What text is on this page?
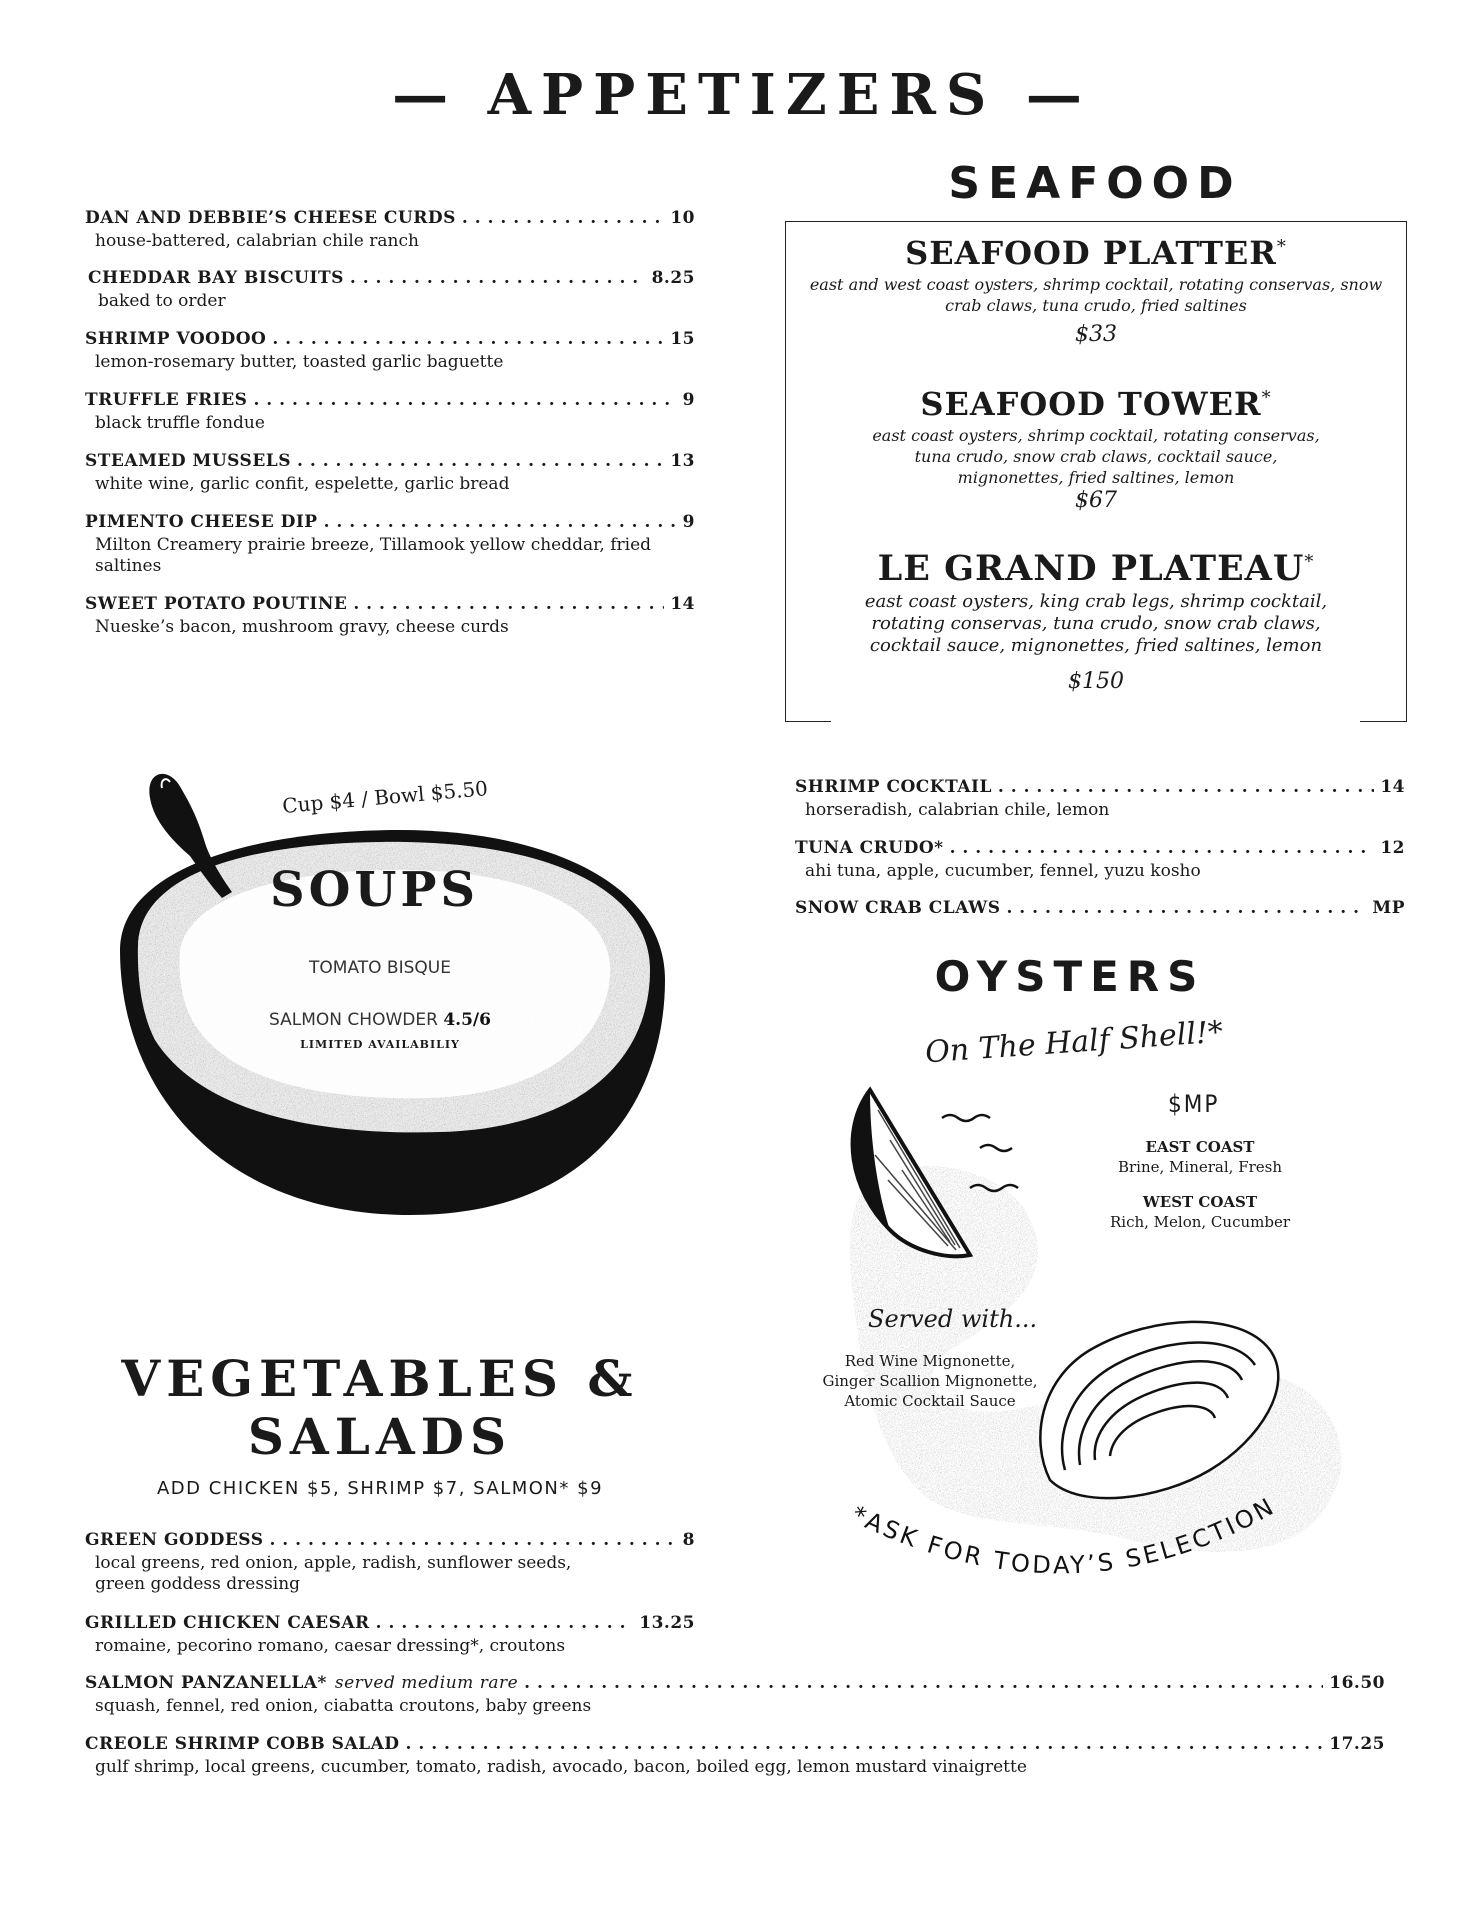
— APPETIZERS —
DAN AND DEBBIE’S CHEESE CURDS . . .	10
house-battered, calabrian chile ranch
CHEDDAR BAY BISCUITS . . .	8.25
baked to order
SHRIMP VOODOO . . .	15
lemon-rosemary butter, toasted garlic baguette
TRUFFLE FRIES . . .	9
black truffle fondue
STEAMED MUSSELS . . .	13
white wine, garlic confit, espelette, garlic bread
PIMENTO CHEESE DIP . . .	9
Milton Creamery prairie breeze, Tillamook yellow cheddar, fried saltines
SWEET POTATO POUTINE . . .	14
Nueske’s bacon, mushroom gravy, cheese curds
SEAFOOD
SEAFOOD PLATTER*
east and west coast oysters, shrimp cocktail, rotating conservas, snow crab claws, tuna crudo, fried saltines
$33
SEAFOOD TOWER*
east coast oysters, shrimp cocktail, rotating conservas, tuna crudo, snow crab claws, cocktail sauce, mignonettes, fried saltines, lemon
$67
LE GRAND PLATEAU*
east coast oysters, king crab legs, shrimp cocktail, rotating conservas, tuna crudo, snow crab claws, cocktail sauce, mignonettes, fried saltines, lemon
$150
SHRIMP COCKTAIL . . .	14
horseradish, calabrian chile, lemon
TUNA CRUDO* . . .	12
ahi tuna, apple, cucumber, fennel, yuzu kosho
SNOW CRAB CLAWS . . .	MP
Cup $4 / Bowl $5.50
SOUPS
TOMATO BISQUE
SALMON CHOWDER 4.5/6
LIMITED AVAILABILIY
OYSTERS
On The Half Shell!*
$MP
EAST COAST
Brine, Mineral, Fresh
WEST COAST
Rich, Melon, Cucumber
Served with...
Red Wine Mignonette,
Ginger Scallion Mignonette,
Atomic Cocktail Sauce
*ASK FOR TODAY’S SELECTION
VEGETABLES &
SALADS
ADD CHICKEN $5, SHRIMP $7, SALMON* $9
GREEN GODDESS . . .	8
local greens, red onion, apple, radish, sunflower seeds, green goddess dressing
GRILLED CHICKEN CAESAR . . .	13.25
romaine, pecorino romano, caesar dressing*, croutons
SALMON PANZANELLA* served medium rare . . .	16.50
squash, fennel, red onion, ciabatta croutons, baby greens
CREOLE SHRIMP COBB SALAD . . .	17.25
gulf shrimp, local greens, cucumber, tomato, radish, avocado, bacon, boiled egg, lemon mustard vinaigrette
